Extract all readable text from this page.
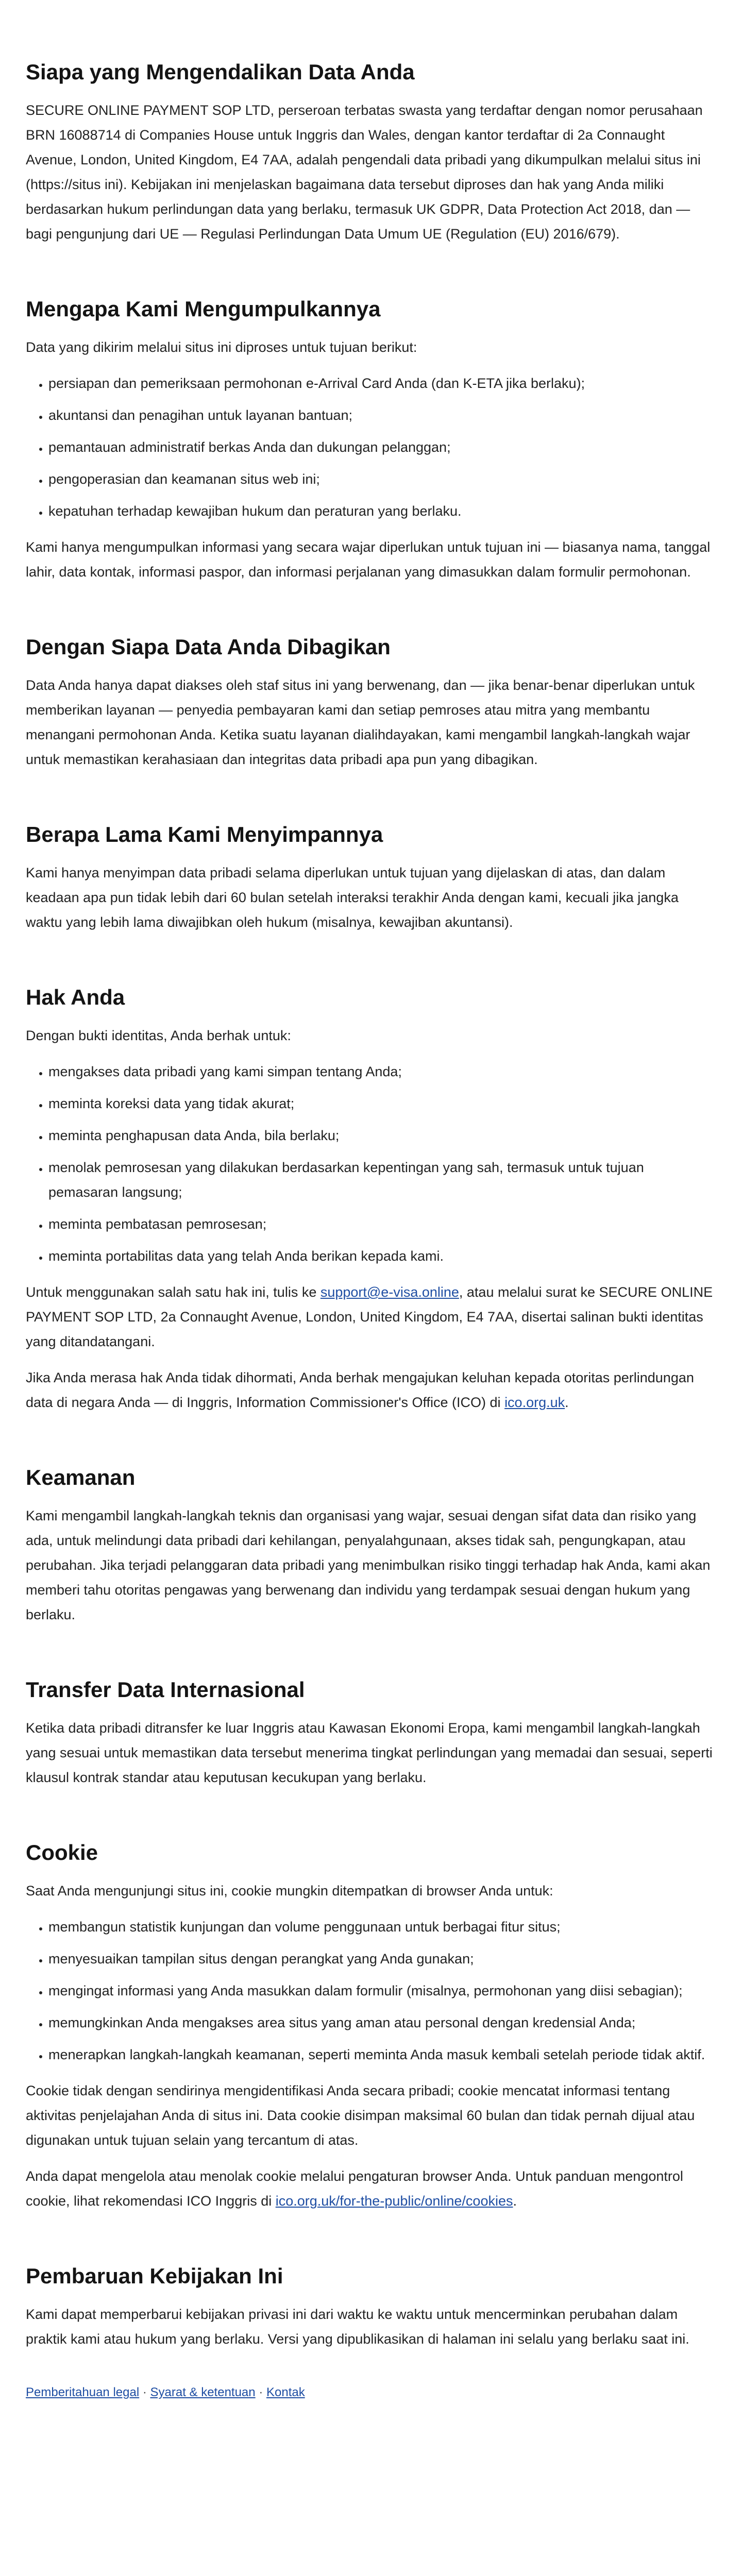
Siapa yang Mengendalikan Data Anda

SECURE ONLINE PAYMENT SOP LTD, perseroan terbatas swasta yang terdaftar dengan nomor perusahaan BRN 16088714 di Companies House untuk Inggris dan Wales, dengan kantor terdaftar di 2a Connaught Avenue, London, United Kingdom, E4 7AA, adalah pengendali data pribadi yang dikumpulkan melalui situs ini (https://situs ini). Kebijakan ini menjelaskan bagaimana data tersebut diproses dan hak yang Anda miliki berdasarkan hukum perlindungan data yang berlaku, termasuk UK GDPR, Data Protection Act 2018, dan — bagi pengunjung dari UE — Regulasi Perlindungan Data Umum UE (Regulation (EU) 2016/679).

Mengapa Kami Mengumpulkannya

Data yang dikirim melalui situs ini diproses untuk tujuan berikut:

• persiapan dan pemeriksaan permohonan e-Arrival Card Anda (dan K-ETA jika berlaku);
• akuntansi dan penagihan untuk layanan bantuan;
• pemantauan administratif berkas Anda dan dukungan pelanggan;
• pengoperasian dan keamanan situs web ini;
• kepatuhan terhadap kewajiban hukum dan peraturan yang berlaku.

Kami hanya mengumpulkan informasi yang secara wajar diperlukan untuk tujuan ini — biasanya nama, tanggal lahir, data kontak, informasi paspor, dan informasi perjalanan yang dimasukkan dalam formulir permohonan.

Dengan Siapa Data Anda Dibagikan

Data Anda hanya dapat diakses oleh staf situs ini yang berwenang, dan — jika benar-benar diperlukan untuk memberikan layanan — penyedia pembayaran kami dan setiap pemroses atau mitra yang membantu menangani permohonan Anda. Ketika suatu layanan dialihdayakan, kami mengambil langkah-langkah wajar untuk memastikan kerahasiaan dan integritas data pribadi apa pun yang dibagikan.

Berapa Lama Kami Menyimpannya

Kami hanya menyimpan data pribadi selama diperlukan untuk tujuan yang dijelaskan di atas, dan dalam keadaan apa pun tidak lebih dari 60 bulan setelah interaksi terakhir Anda dengan kami, kecuali jika jangka waktu yang lebih lama diwajibkan oleh hukum (misalnya, kewajiban akuntansi).

Hak Anda

Dengan bukti identitas, Anda berhak untuk:

• mengakses data pribadi yang kami simpan tentang Anda;
• meminta koreksi data yang tidak akurat;
• meminta penghapusan data Anda, bila berlaku;
• menolak pemrosesan yang dilakukan berdasarkan kepentingan yang sah, termasuk untuk tujuan pemasaran langsung;
• meminta pembatasan pemrosesan;
• meminta portabilitas data yang telah Anda berikan kepada kami.

Untuk menggunakan salah satu hak ini, tulis ke support@e-visa.online, atau melalui surat ke SECURE ONLINE PAYMENT SOP LTD, 2a Connaught Avenue, London, United Kingdom, E4 7AA, disertai salinan bukti identitas yang ditandatangani.

Jika Anda merasa hak Anda tidak dihormati, Anda berhak mengajukan keluhan kepada otoritas perlindungan data di negara Anda — di Inggris, Information Commissioner's Office (ICO) di ico.org.uk.

Keamanan

Kami mengambil langkah-langkah teknis dan organisasi yang wajar, sesuai dengan sifat data dan risiko yang ada, untuk melindungi data pribadi dari kehilangan, penyalahgunaan, akses tidak sah, pengungkapan, atau perubahan. Jika terjadi pelanggaran data pribadi yang menimbulkan risiko tinggi terhadap hak Anda, kami akan memberi tahu otoritas pengawas yang berwenang dan individu yang terdampak sesuai dengan hukum yang berlaku.

Transfer Data Internasional

Ketika data pribadi ditransfer ke luar Inggris atau Kawasan Ekonomi Eropa, kami mengambil langkah-langkah yang sesuai untuk memastikan data tersebut menerima tingkat perlindungan yang memadai dan sesuai, seperti klausul kontrak standar atau keputusan kecukupan yang berlaku.

Cookie

Saat Anda mengunjungi situs ini, cookie mungkin ditempatkan di browser Anda untuk:

• membangun statistik kunjungan dan volume penggunaan untuk berbagai fitur situs;
• menyesuaikan tampilan situs dengan perangkat yang Anda gunakan;
• mengingat informasi yang Anda masukkan dalam formulir (misalnya, permohonan yang diisi sebagian);
• memungkinkan Anda mengakses area situs yang aman atau personal dengan kredensial Anda;
• menerapkan langkah-langkah keamanan, seperti meminta Anda masuk kembali setelah periode tidak aktif.

Cookie tidak dengan sendirinya mengidentifikasi Anda secara pribadi; cookie mencatat informasi tentang aktivitas penjelajahan Anda di situs ini. Data cookie disimpan maksimal 60 bulan dan tidak pernah dijual atau digunakan untuk tujuan selain yang tercantum di atas.

Anda dapat mengelola atau menolak cookie melalui pengaturan browser Anda. Untuk panduan mengontrol cookie, lihat rekomendasi ICO Inggris di ico.org.uk/for-the-public/online/cookies.

Pembaruan Kebijakan Ini

Kami dapat memperbarui kebijakan privasi ini dari waktu ke waktu untuk mencerminkan perubahan dalam praktik kami atau hukum yang berlaku. Versi yang dipublikasikan di halaman ini selalu yang berlaku saat ini.

Pemberitahuan legal · Syarat & ketentuan · Kontak
